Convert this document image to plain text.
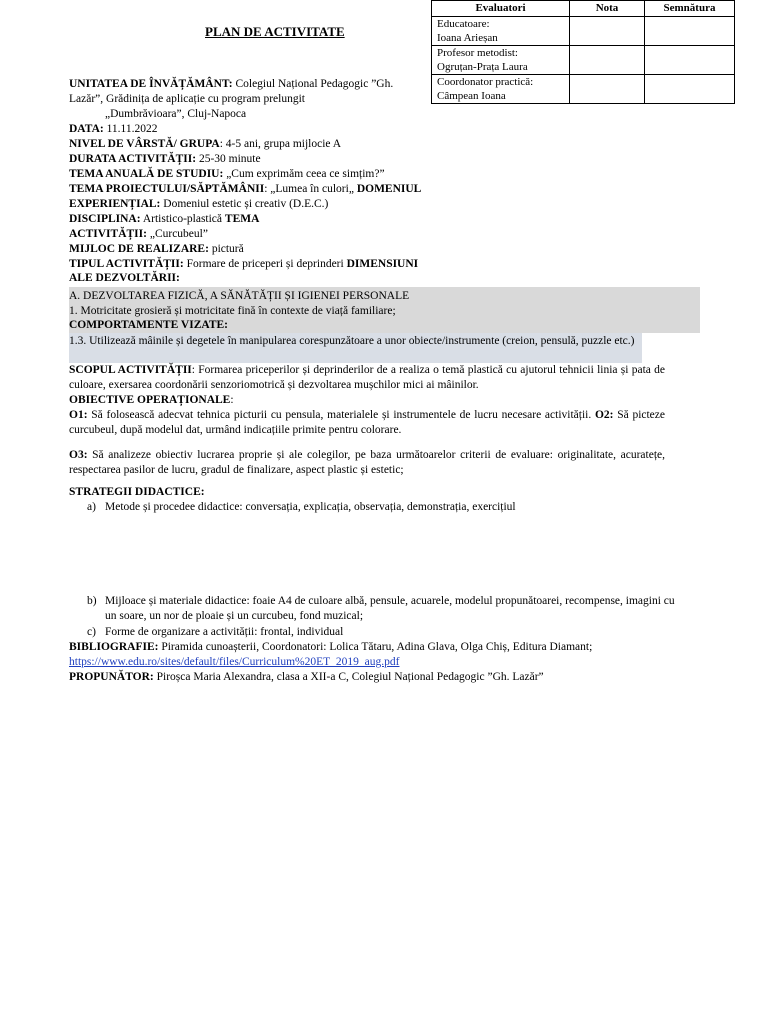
PLAN DE ACTIVITATE
Evaluatori	Nota	Semnătura
Educatoare:
Ioana Arieșan		
Profesor metodist:
Ogruțan-Prața Laura		
Coordonator practică:
Câmpean Ioana		
UNITATEA DE ÎNVĂȚĂMÂNT: Colegiul Național Pedagogic ”Gh.
Lazăr”, Grădinița de aplicație cu program prelungit
„Dumbrăvioara”, Cluj-Napoca
DATA: 11.11.2022
NIVEL DE VÂRSTĂ/ GRUPA: 4-5 ani, grupa mijlocie A
DURATA ACTIVITĂȚII: 25-30 minute
TEMA ANUALĂ DE STUDIU: „Cum exprimăm ceea ce simțim?”
TEMA PROIECTULUI/SĂPTĂMÂNII: „Lumea în culori„ DOMENIUL
EXPERIENȚIAL: Domeniul estetic și creativ (D.E.C.)
DISCIPLINA: Artistico-plastică TEMA
ACTIVITĂȚII: „Curcubeul”
MIJLOC DE REALIZARE: pictură
TIPUL ACTIVITĂȚII: Formare de priceperi și deprinderi DIMENSIUNI
ALE DEZVOLTĂRII:
A. DEZVOLTAREA FIZICĂ, A SĂNĂTĂȚII ȘI IGIENEI PERSONALE
1. Motricitate grosieră și motricitate fină în contexte de viață familiare;
COMPORTAMENTE VIZATE:
1.3. Utilizează mâinile și degetele în manipularea corespunzătoare a unor obiecte/instrumente (creion, pensulă, puzzle etc.)
SCOPUL ACTIVITĂȚII: Formarea priceperilor și deprinderilor de a realiza o temă plastică cu ajutorul tehnicii linia și pata de culoare, exersarea coordonării senzoriomotrică și dezvoltarea mușchilor mici ai mâinilor.
OBIECTIVE OPERAȚIONALE:
O1: Să folosească adecvat tehnica picturii cu pensula, materialele și instrumentele de lucru necesare activității. O2: Să picteze curcubeul, după modelul dat, urmând indicațiile primite pentru colorare.
O3: Să analizeze obiectiv lucrarea proprie și ale colegilor, pe baza următoarelor criterii de evaluare: originalitate, acuratețe, respectarea pasilor de lucru, gradul de finalizare, aspect plastic și estetic;
STRATEGII DIDACTICE:
a) Metode și procedee didactice: conversația, explicația, observația, demonstrația, exercițiul
b) Mijloace și materiale didactice: foaie A4 de culoare albă, pensule, acuarele, modelul propunătoarei, recompense, imagini cu
un soare, un nor de ploaie și un curcubeu, fond muzical;
c) Forme de organizare a activității: frontal, individual
BIBLIOGRAFIE: Piramida cunoașterii, Coordonatori: Lolica Tătaru, Adina Glava, Olga Chiș, Editura Diamant;
https://www.edu.ro/sites/default/files/Curriculum%20ET_2019_aug.pdf
PROPUNĂTOR: Piroșca Maria Alexandra, clasa a XII-a C, Colegiul Național Pedagogic ”Gh. Lazăr”
